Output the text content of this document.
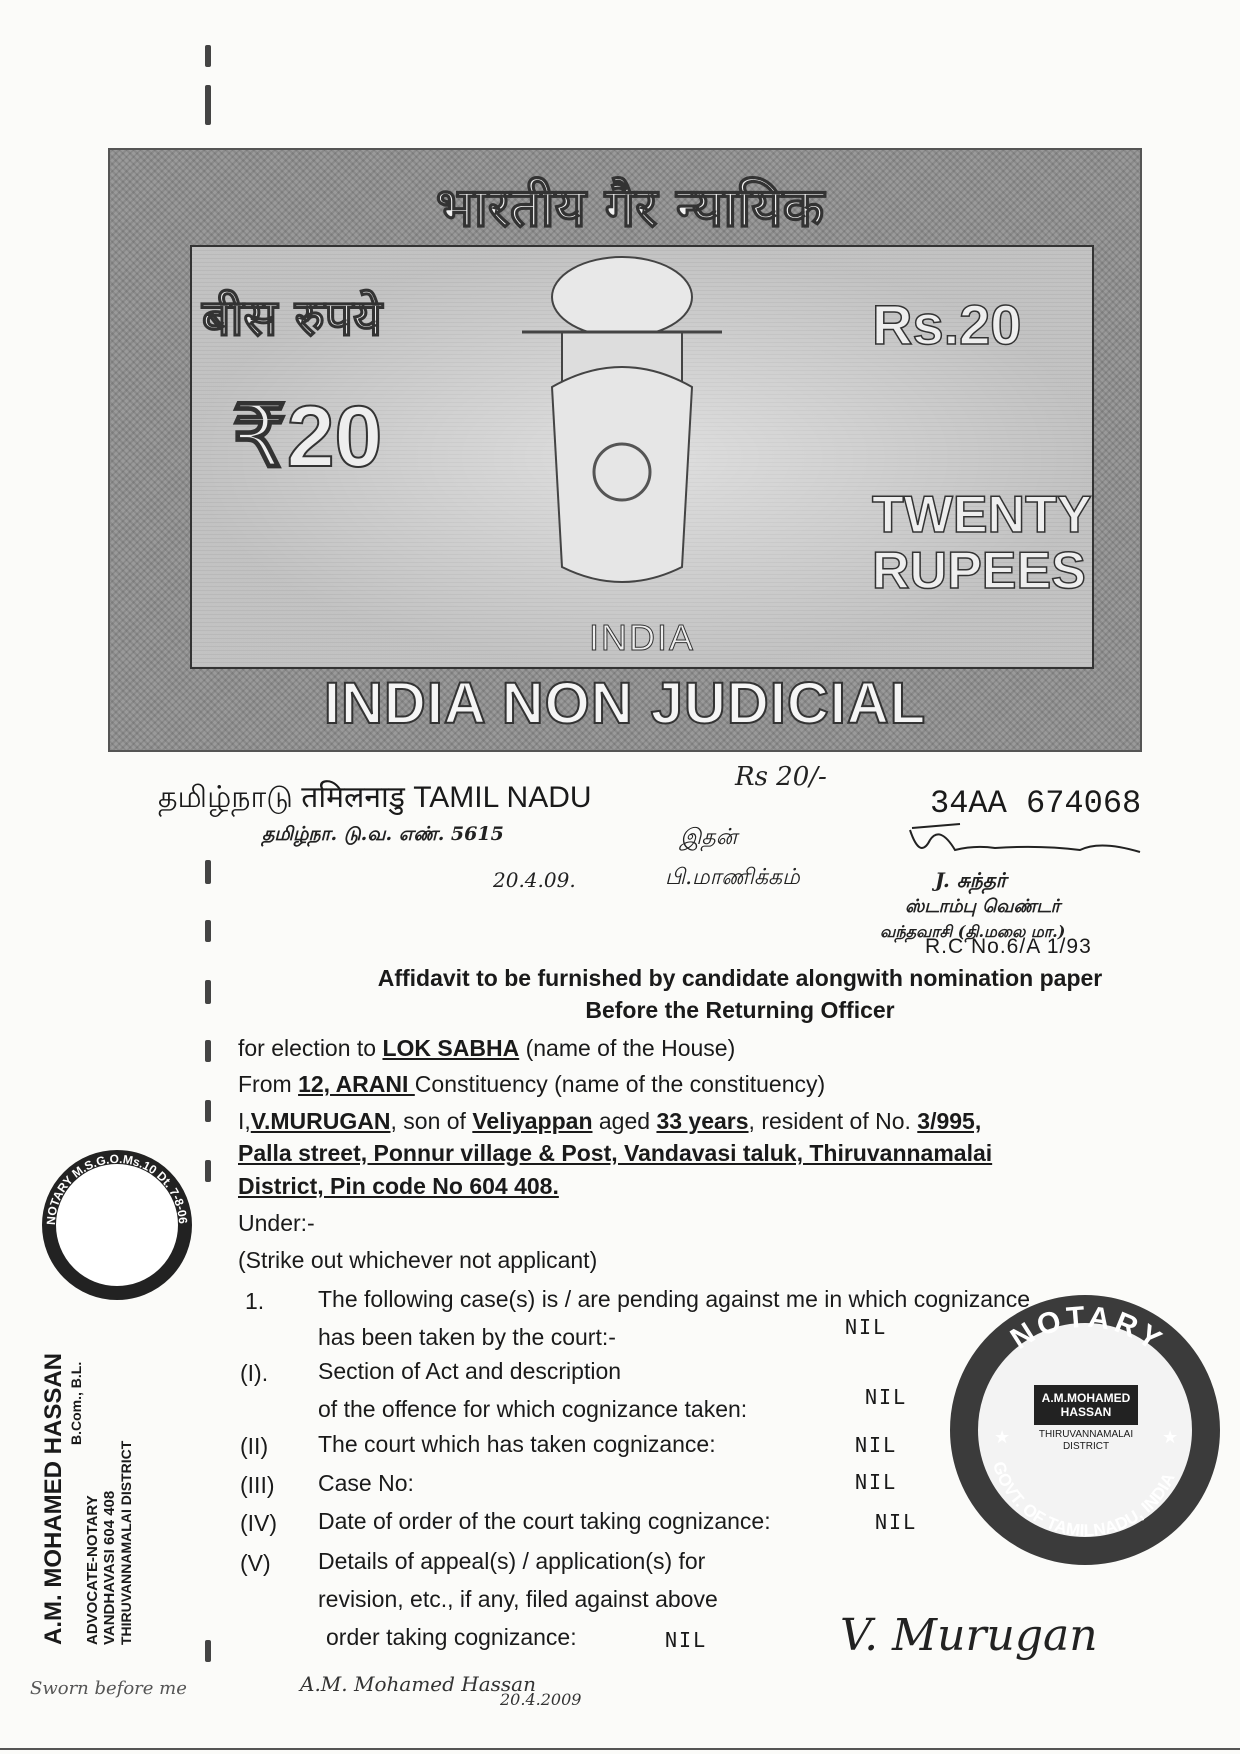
भारतीय गैर न्यायिक
बीस रुपये	Rs.20
₹20
TWENTY RUPEES
INDIA
INDIA NON JUDICIAL
தமிழ்நாடு तमिलनाडु TAMIL NADU
Rs 20/-
34AA 674068
தமிழ்நா. டு.வ. எண். 5615
20.4.09.
இதன்
பி.மாணிக்கம்	J. சுந்தர்
ஸ்டாம்பு வெண்டர்
வந்தவாசி (தி.மலை மா.)
R.C No.6/A 1/93
Affidavit to be furnished by candidate alongwith nomination paper
Before the Returning Officer
for election to LOK SABHA (name of the House)
From 12, ARANI Constituency (name of the constituency)
I,V.MURUGAN, son of Veliyappan aged 33 years, resident of No. 3/995,
Palla street, Ponnur village & Post, Vandavasi taluk, Thiruvannamalai
District, Pin code No 604 408.
Under:-
(Strike out whichever not applicant)
1. The following case(s) is / are pending against me in which cognizance
has been taken by the court:-	NIL
(I). Section of Act and description
of the offence for which cognizance taken:	NIL
(II) The court which has taken cognizance:	NIL
(III) Case No:	NIL
(IV) Date of order of the court taking cognizance:	NIL
(V) Details of appeal(s) / application(s) for
revision, etc., if any, filed against above
order taking cognizance:	NIL
NOTARY M.S.G.O.Ms.10 Dt. 7-8-06
A.M. MOHAMED HASSAN B.Com., B.L.
ADVOCATE-NOTARY VANDHAVASI 604 408 THIRUVANNAMALAI DISTRICT
NOTARY
GOVT. OF TAMILNADU, INDIA
★	★
A.M.MOHAMED HASSAN
THIRUVANNAMALAI DISTRICT
V. Murugan
Sworn before me	A.M. Mohamed Hassan
20.4.2009
